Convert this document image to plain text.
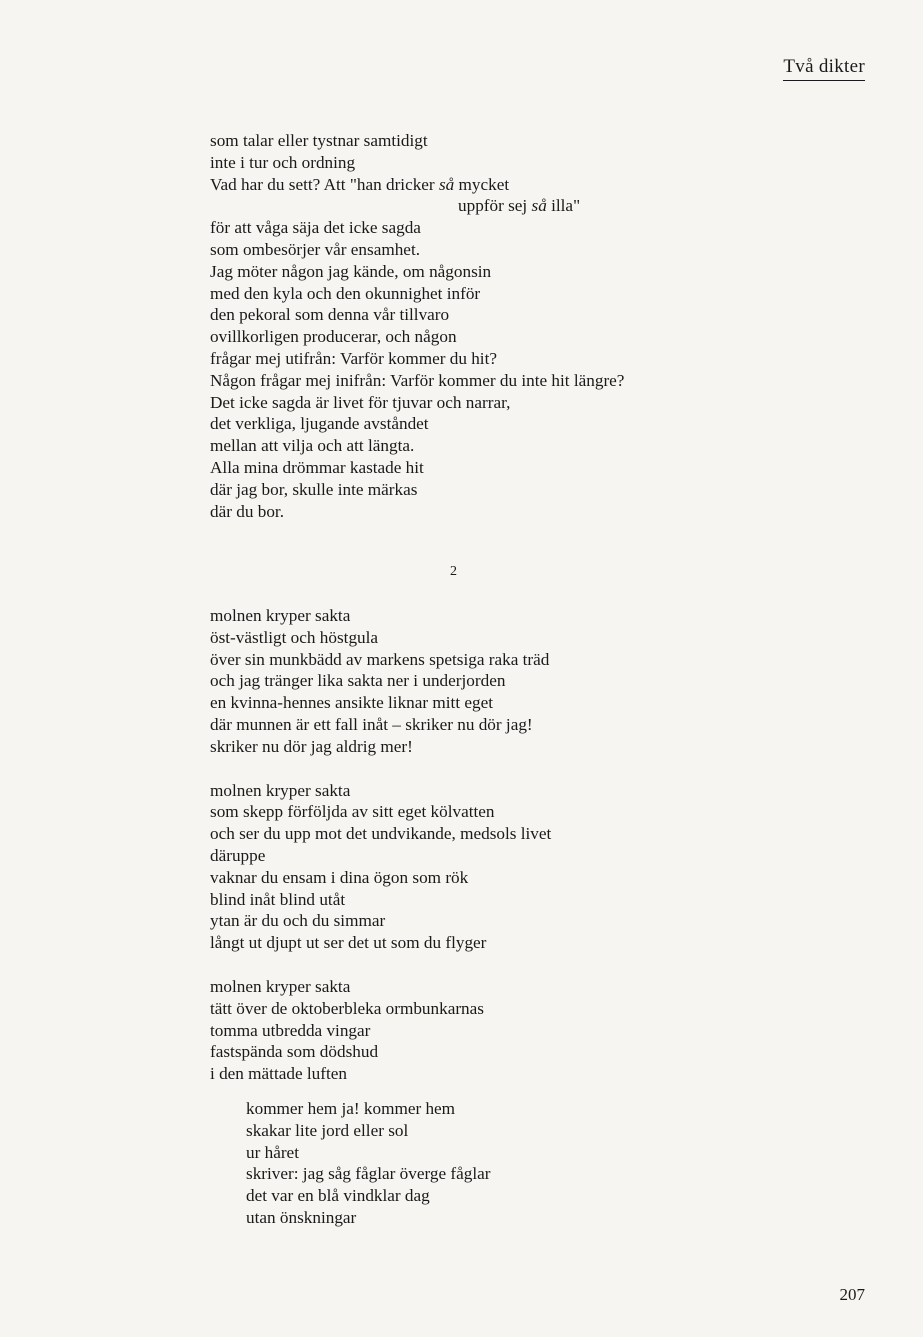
Två dikter
som talar eller tystnar samtidigt
inte i tur och ordning
Vad har du sett? Att "han dricker så mycket
uppför sej så illa"
för att våga säja det icke sagda
som ombesörjer vår ensamhet.
Jag möter någon jag kände, om någonsin
med den kyla och den okunnighet inför
den pekoral som denna vår tillvaro
ovillkorligen producerar, och någon
frågar mej utifrån: Varför kommer du hit?
Någon frågar mej inifrån: Varför kommer du inte hit längre?
Det icke sagda är livet för tjuvar och narrar,
det verkliga, ljugande avståndet
mellan att vilja och att längta.
Alla mina drömmar kastade hit
där jag bor, skulle inte märkas
där du bor.
2
molnen kryper sakta
öst-västligt och höstgula
över sin munkbädd av markens spetsiga raka träd
och jag tränger lika sakta ner i underjorden
en kvinna-hennes ansikte liknar mitt eget
där munnen är ett fall inåt – skriker nu dör jag!
skriker nu dör jag aldrig mer!
molnen kryper sakta
som skepp förföljda av sitt eget kölvatten
och ser du upp mot det undvikande, medsols livet
däruppe
vaknar du ensam i dina ögon som rök
blind inåt blind utåt
ytan är du och du simmar
långt ut djupt ut ser det ut som du flyger
molnen kryper sakta
tätt över de oktoberbleka ormbunkarnas
tomma utbredda vingar
fastspända som dödshud
i den mättade luften
kommer hem ja! kommer hem
skakar lite jord eller sol
ur håret
skriver: jag såg fåglar överge fåglar
det var en blå vindklar dag
utan önskningar
207
